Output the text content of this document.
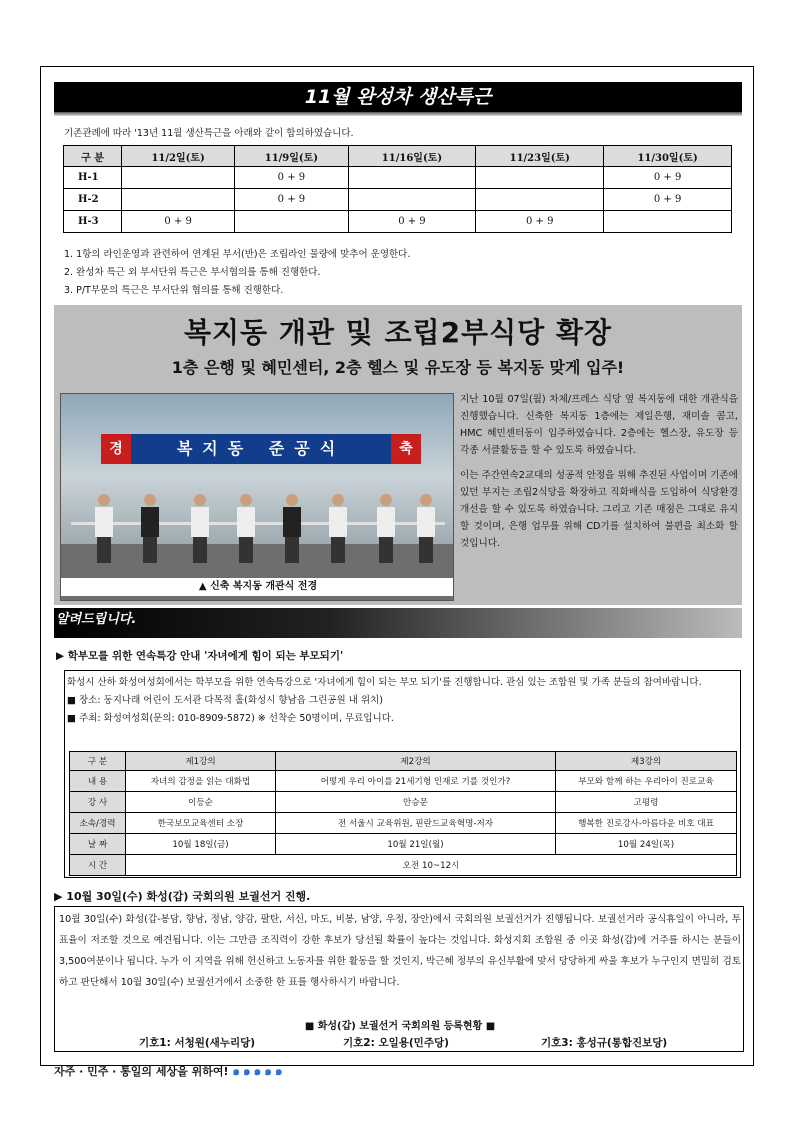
11월 완성차 생산특근
기존관례에 따라 '13년 11월 생산특근을 아래와 같이 합의하였습니다.
구 분	11/2일(토)	11/9일(토)	11/16일(토)	11/23일(토)	11/30일(토)
H-1		0 + 9			0 + 9
H-2		0 + 9			0 + 9
H-3	0 + 9		0 + 9	0 + 9	
1. 1항의 라인운영과 관련하여 연계된 부서(반)은 조립라인 물량에 맞추어 운영한다.
2. 완성차 특근 외 부서단위 특근은 부서협의를 통해 진행한다.
3. P/T부문의 특근은 부서단위 협의를 통해 진행한다.
복지동 개관 및 조립2부식당 확장
1층 은행 및 혜민센터, 2층 헬스 및 유도장 등 복지동 맞게 입주!
복지동 준공식
경	축
▲ 신축 복지동 개관식 전경

지난 10월 07일(월) 차체/프레스 식당 옆 복지동에 대한 개관식을 진행했습니다. 신축한 복지동 1층에는 제일은행, 재미솔 콤고, HMC 혜민센터동이 입주하였습니다. 2층에는 헬스장, 유도장 등 각종 서클활동을 할 수 있도록 하였습니다.

이는 주간연속2교대의 성공적 안정을 위해 추진된 사업이며 기존에 있던 부지는 조립2식당을 확장하고 직화배식을 도입하여 식당환경개선을 할 수 있도록 하였습니다. 그리고 기존 매점은 그대로 유지할 것이며, 은행 업무를 위해 CD기를 설치하여 불편을 최소화 할 것입니다.

알려드립니다.
▶ 학부모를 위한 연속특강 안내 '자녀에게 힘이 되는 부모되기'
화성시 산하 화성여성회에서는 학부모을 위한 연속특강으로 '자녀에게 힘이 되는 부모 되기'를 진행합니다. 관심 있는 조합원 및 가족 분들의 참여바랍니다.
■ 장소: 동지나래 어린이 도서관 다목적 홀(화성시 향남읍 그린공원 내 위치)
■ 주최: 화성여성회(문의: 010-8909-5872) ※ 선착순 50명이며, 무료입니다.
구 분	제1강의	제2강의	제3강의
내 용	자녀의 감정을 읽는 대화법	어떻게 우리 아이를 21세기형 인재로 기를 것인가?	부모와 함께 하는 우리아이 진로교육
강 사	이등순	안승문	고평령
소속/경력	한국보모교육센터 소장	전 서울시 교육위원, 핀란드교육혁명-저자	행복한 진로강사-아름다운 비호 대표
날 짜	10월 18일(금)	10월 21일(월)	10월 24일(목)
시 간	오전 10~12시		
▶ 10월 30일(수) 화성(갑) 국회의원 보궐선거 진행.
10월 30일(수) 화성(갑-봉담, 향남, 정남, 양감, 팔탄, 서신, 마도, 비봉, 남양, 우정, 장안)에서 국회의원 보궐선거가 진행됩니다. 보궐선거라 공식휴일이 아니라, 투표율이 저조할 것으로 예견됩니다. 이는 그만큼 조직력이 강한 후보가 당선될 확률이 높다는 것입니다. 화성지회 조합원 중 이곳 화성(갑)에 거주를 하시는 분들이 3,500여분이나 됩니다. 누가 이 지역을 위해 헌신하고 노동자를 위한 활동을 할 것인지, 박근혜 정부의 유신부활에 맞서 당당하게 싸울 후보가 누구인지 면밀히 검토하고 판단해서 10월 30일(수) 보궐선거에서 소중한 한 표를 행사하시기 바랍니다.
■ 화성(갑) 보궐선거 국회의원 등록현황 ■
기호1: 서청원(새누리당)	기호2: 오일용(민주당)	기호3: 홍성규(통합진보당)
자주 · 민주 · 통일의 세상을 위하여! ๑๑๑๑๑
